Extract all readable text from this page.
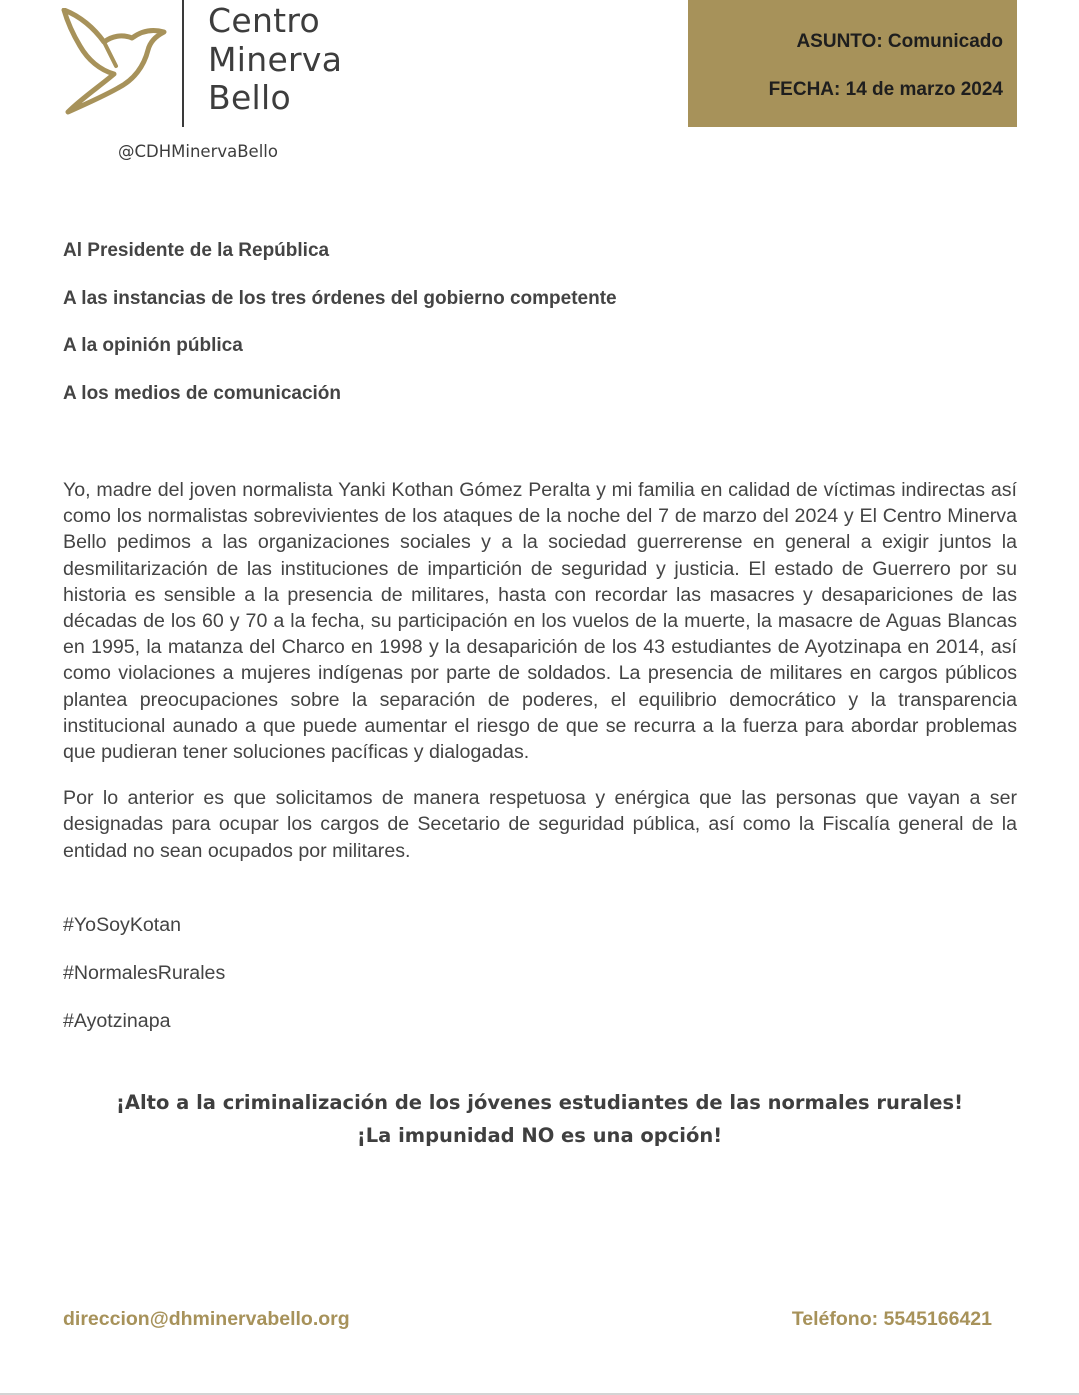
Centro
Minerva
Bello
@CDHMinervaBello
ASUNTO: Comunicado
FECHA: 14 de marzo 2024
Al Presidente de la República
A las instancias de los tres órdenes del gobierno competente
A la opinión pública
A los medios de comunicación

Yo, madre del joven normalista Yanki Kothan Gómez Peralta y mi familia en calidad de víctimas indirectas así como los normalistas sobrevivientes de los ataques de la noche del 7 de marzo del 2024 y El Centro Minerva Bello pedimos a las organizaciones sociales y a la sociedad guerrerense en general a exigir juntos la desmilitarización de las instituciones de impartición de seguridad y justicia. El estado de Guerrero por su historia es sensible a la presencia de militares, hasta con recordar las masacres y desapariciones de las décadas de los 60 y 70 a la fecha, su participación en los vuelos de la muerte, la masacre de Aguas Blancas en 1995, la matanza del Charco en 1998 y la desaparición de los 43 estudiantes de Ayotzinapa en 2014, así como violaciones a mujeres indígenas por parte de soldados. La presencia de militares en cargos públicos plantea preocupaciones sobre la separación de poderes, el equilibrio democrático y la transparencia institucional aunado a que puede aumentar el riesgo de que se recurra a la fuerza para abordar problemas que pudieran tener soluciones pacíficas y dialogadas.

Por lo anterior es que solicitamos de manera respetuosa y enérgica que las personas que vayan a ser designadas para ocupar los cargos de Secetario de seguridad pública, así como la Fiscalía general de la entidad no sean ocupados por militares.

#YoSoyKotan
#NormalesRurales
#Ayotzinapa
¡Alto a la criminalización de los jóvenes estudiantes de las normales rurales!
¡La impunidad NO es una opción!
direccion@dhminervabello.org	Teléfono: 5545166421
